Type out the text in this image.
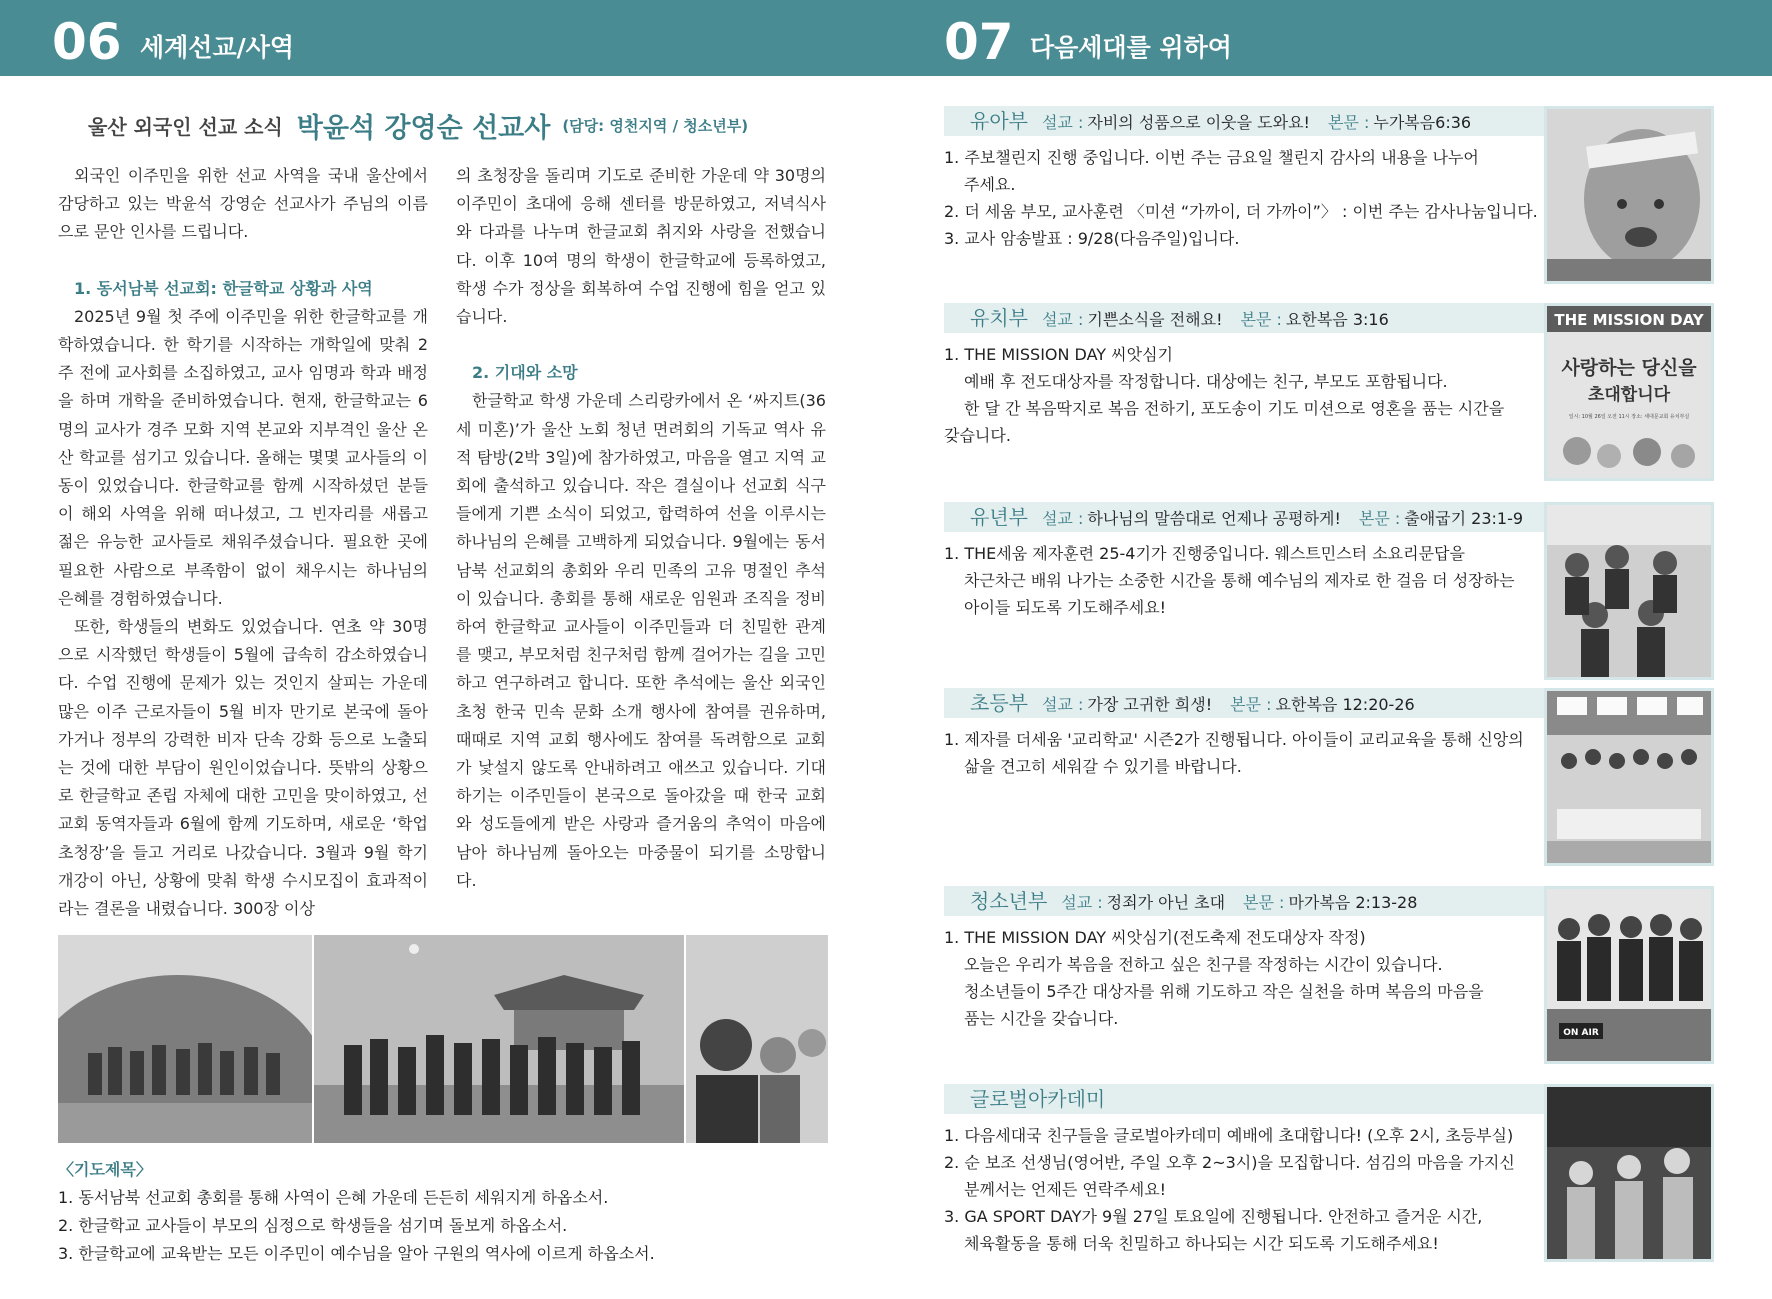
06 세계선교/사역	07 다음세대를 위하여
울산 외국인 선교 소식 박윤석 강영순 선교사 (담당: 영천지역 / 청소년부)

외국인 이주민을 위한 선교 사역을 국내 울산에서 감당하고 있는 박윤석 강영순 선교사가 주님의 이름으로 문안 인사를 드립니다.

1. 동서남북 선교회: 한글학교 상황과 사역

2025년 9월 첫 주에 이주민을 위한 한글학교를 개학하였습니다. 한 학기를 시작하는 개학일에 맞춰 2주 전에 교사회를 소집하였고, 교사 임명과 학과 배정을 하며 개학을 준비하였습니다. 현재, 한글학교는 6명의 교사가 경주 모화 지역 본교와 지부격인 울산 온산 학교를 섬기고 있습니다. 올해는 몇몇 교사들의 이동이 있었습니다. 한글학교를 함께 시작하셨던 분들이 해외 사역을 위해 떠나셨고, 그 빈자리를 새롭고 젊은 유능한 교사들로 채워주셨습니다. 필요한 곳에 필요한 사람으로 부족함이 없이 채우시는 하나님의 은혜를 경험하였습니다.

또한, 학생들의 변화도 있었습니다. 연초 약 30명으로 시작했던 학생들이 5월에 급속히 감소하였습니다. 수업 진행에 문제가 있는 것인지 살피는 가운데 많은 이주 근로자들이 5월 비자 만기로 본국에 돌아가거나 정부의 강력한 비자 단속 강화 등으로 노출되는 것에 대한 부담이 원인이었습니다. 뜻밖의 상황으로 한글학교 존립 자체에 대한 고민을 맞이하였고, 선교회 동역자들과 6월에 함께 기도하며, 새로운 ‘학업 초청장’을 들고 거리로 나갔습니다. 3월과 9월 학기 개강이 아닌, 상황에 맞춰 학생 수시모집이 효과적이라는 결론을 내렸습니다. 300장 이상

의 초청장을 돌리며 기도로 준비한 가운데 약 30명의 이주민이 초대에 응해 센터를 방문하였고, 저녁식사와 다과를 나누며 한글교회 취지와 사랑을 전했습니다. 이후 10여 명의 학생이 한글학교에 등록하였고, 학생 수가 정상을 회복하여 수업 진행에 힘을 얻고 있습니다.

2. 기대와 소망

한글학교 학생 가운데 스리랑카에서 온 ‘싸지트(36세 미혼)’가 울산 노회 청년 면려회의 기독교 역사 유적 탐방(2박 3일)에 참가하였고, 마음을 열고 지역 교회에 출석하고 있습니다. 작은 결실이나 선교회 식구들에게 기쁜 소식이 되었고, 합력하여 선을 이루시는 하나님의 은혜를 고백하게 되었습니다. 9월에는 동서남북 선교회의 총회와 우리 민족의 고유 명절인 추석이 있습니다. 총회를 통해 새로운 임원과 조직을 정비하여 한글학교 교사들이 이주민들과 더 친밀한 관계를 맺고, 부모처럼 친구처럼 함께 걸어가는 길을 고민하고 연구하려고 합니다. 또한 추석에는 울산 외국인 초청 한국 민속 문화 소개 행사에 참여를 권유하며, 때때로 지역 교회 행사에도 참여를 독려함으로 교회가 낯설지 않도록 안내하려고 애쓰고 있습니다. 기대하기는 이주민들이 본국으로 돌아갔을 때 한국 교회와 성도들에게 받은 사랑과 즐거움의 추억이 마음에 남아 하나님께 돌아오는 마중물이 되기를 소망합니다.

〈기도제목〉
1. 동서남북 선교회 총회를 통해 사역이 은혜 가운데 든든히 세워지게 하옵소서.
2. 한글학교 교사들이 부모의 심정으로 학생들을 섬기며 돌보게 하옵소서.
3. 한글학교에 교육받는 모든 이주민이 예수님을 알아 구원의 역사에 이르게 하옵소서.
유아부 설교 : 자비의 성품으로 이웃을 도와요! 본문 : 누가복음6:36
1. 주보챌린지 진행 중입니다. 이번 주는 금요일 챌린지 감사의 내용을 나누어
주세요.
2. 더 세움 부모, 교사훈련 〈미션 “가까이, 더 가까이”〉 : 이번 주는 감사나눔입니다.
3. 교사 암송발표 : 9/28(다음주일)입니다.
유치부 설교 : 기쁜소식을 전해요! 본문 : 요한복음 3:16
1. THE MISSION DAY 씨앗심기
예배 후 전도대상자를 작정합니다. 대상에는 친구, 부모도 포함됩니다.
한 달 간 복음딱지로 복음 전하기, 포도송이 기도 미션으로 영혼을 품는 시간을
갖습니다.
유년부 설교 : 하나님의 말씀대로 언제나 공평하게! 본문 : 출애굽기 23:1-9
1. THE세움 제자훈련 25-4기가 진행중입니다. 웨스트민스터 소요리문답을
차근차근 배워 나가는 소중한 시간을 통해 예수님의 제자로 한 걸음 더 성장하는
아이들 되도록 기도해주세요!
초등부 설교 : 가장 고귀한 희생! 본문 : 요한복음 12:20-26
1. 제자를 더세움 '교리학교' 시즌2가 진행됩니다. 아이들이 교리교육을 통해 신앙의
삶을 견고히 세워갈 수 있기를 바랍니다.
청소년부 설교 : 정죄가 아닌 초대 본문 : 마가복음 2:13-28
1. THE MISSION DAY 씨앗심기(전도축제 전도대상자 작정)
오늘은 우리가 복음을 전하고 싶은 친구를 작정하는 시간이 있습니다.
청소년들이 5주간 대상자를 위해 기도하고 작은 실천을 하며 복음의 마음을
품는 시간을 갖습니다.
글로벌아카데미
1. 다음세대국 친구들을 글로벌아카데미 예배에 초대합니다! (오후 2시, 초등부실)
2. 순 보조 선생님(영어반, 주일 오후 2~3시)을 모집합니다. 섬김의 마음을 가지신
분께서는 언제든 연락주세요!
3. GA SPORT DAY가 9월 27일 토요일에 진행됩니다. 안전하고 즐거운 시간,
체육활동을 통해 더욱 친밀하고 하나되는 시간 되도록 기도해주세요!
THE MISSION DAY
사랑하는 당신을
초대합니다
일시: 10월 26일 오전 11시 장소: 세대문교회 유치부실
ON AIR
